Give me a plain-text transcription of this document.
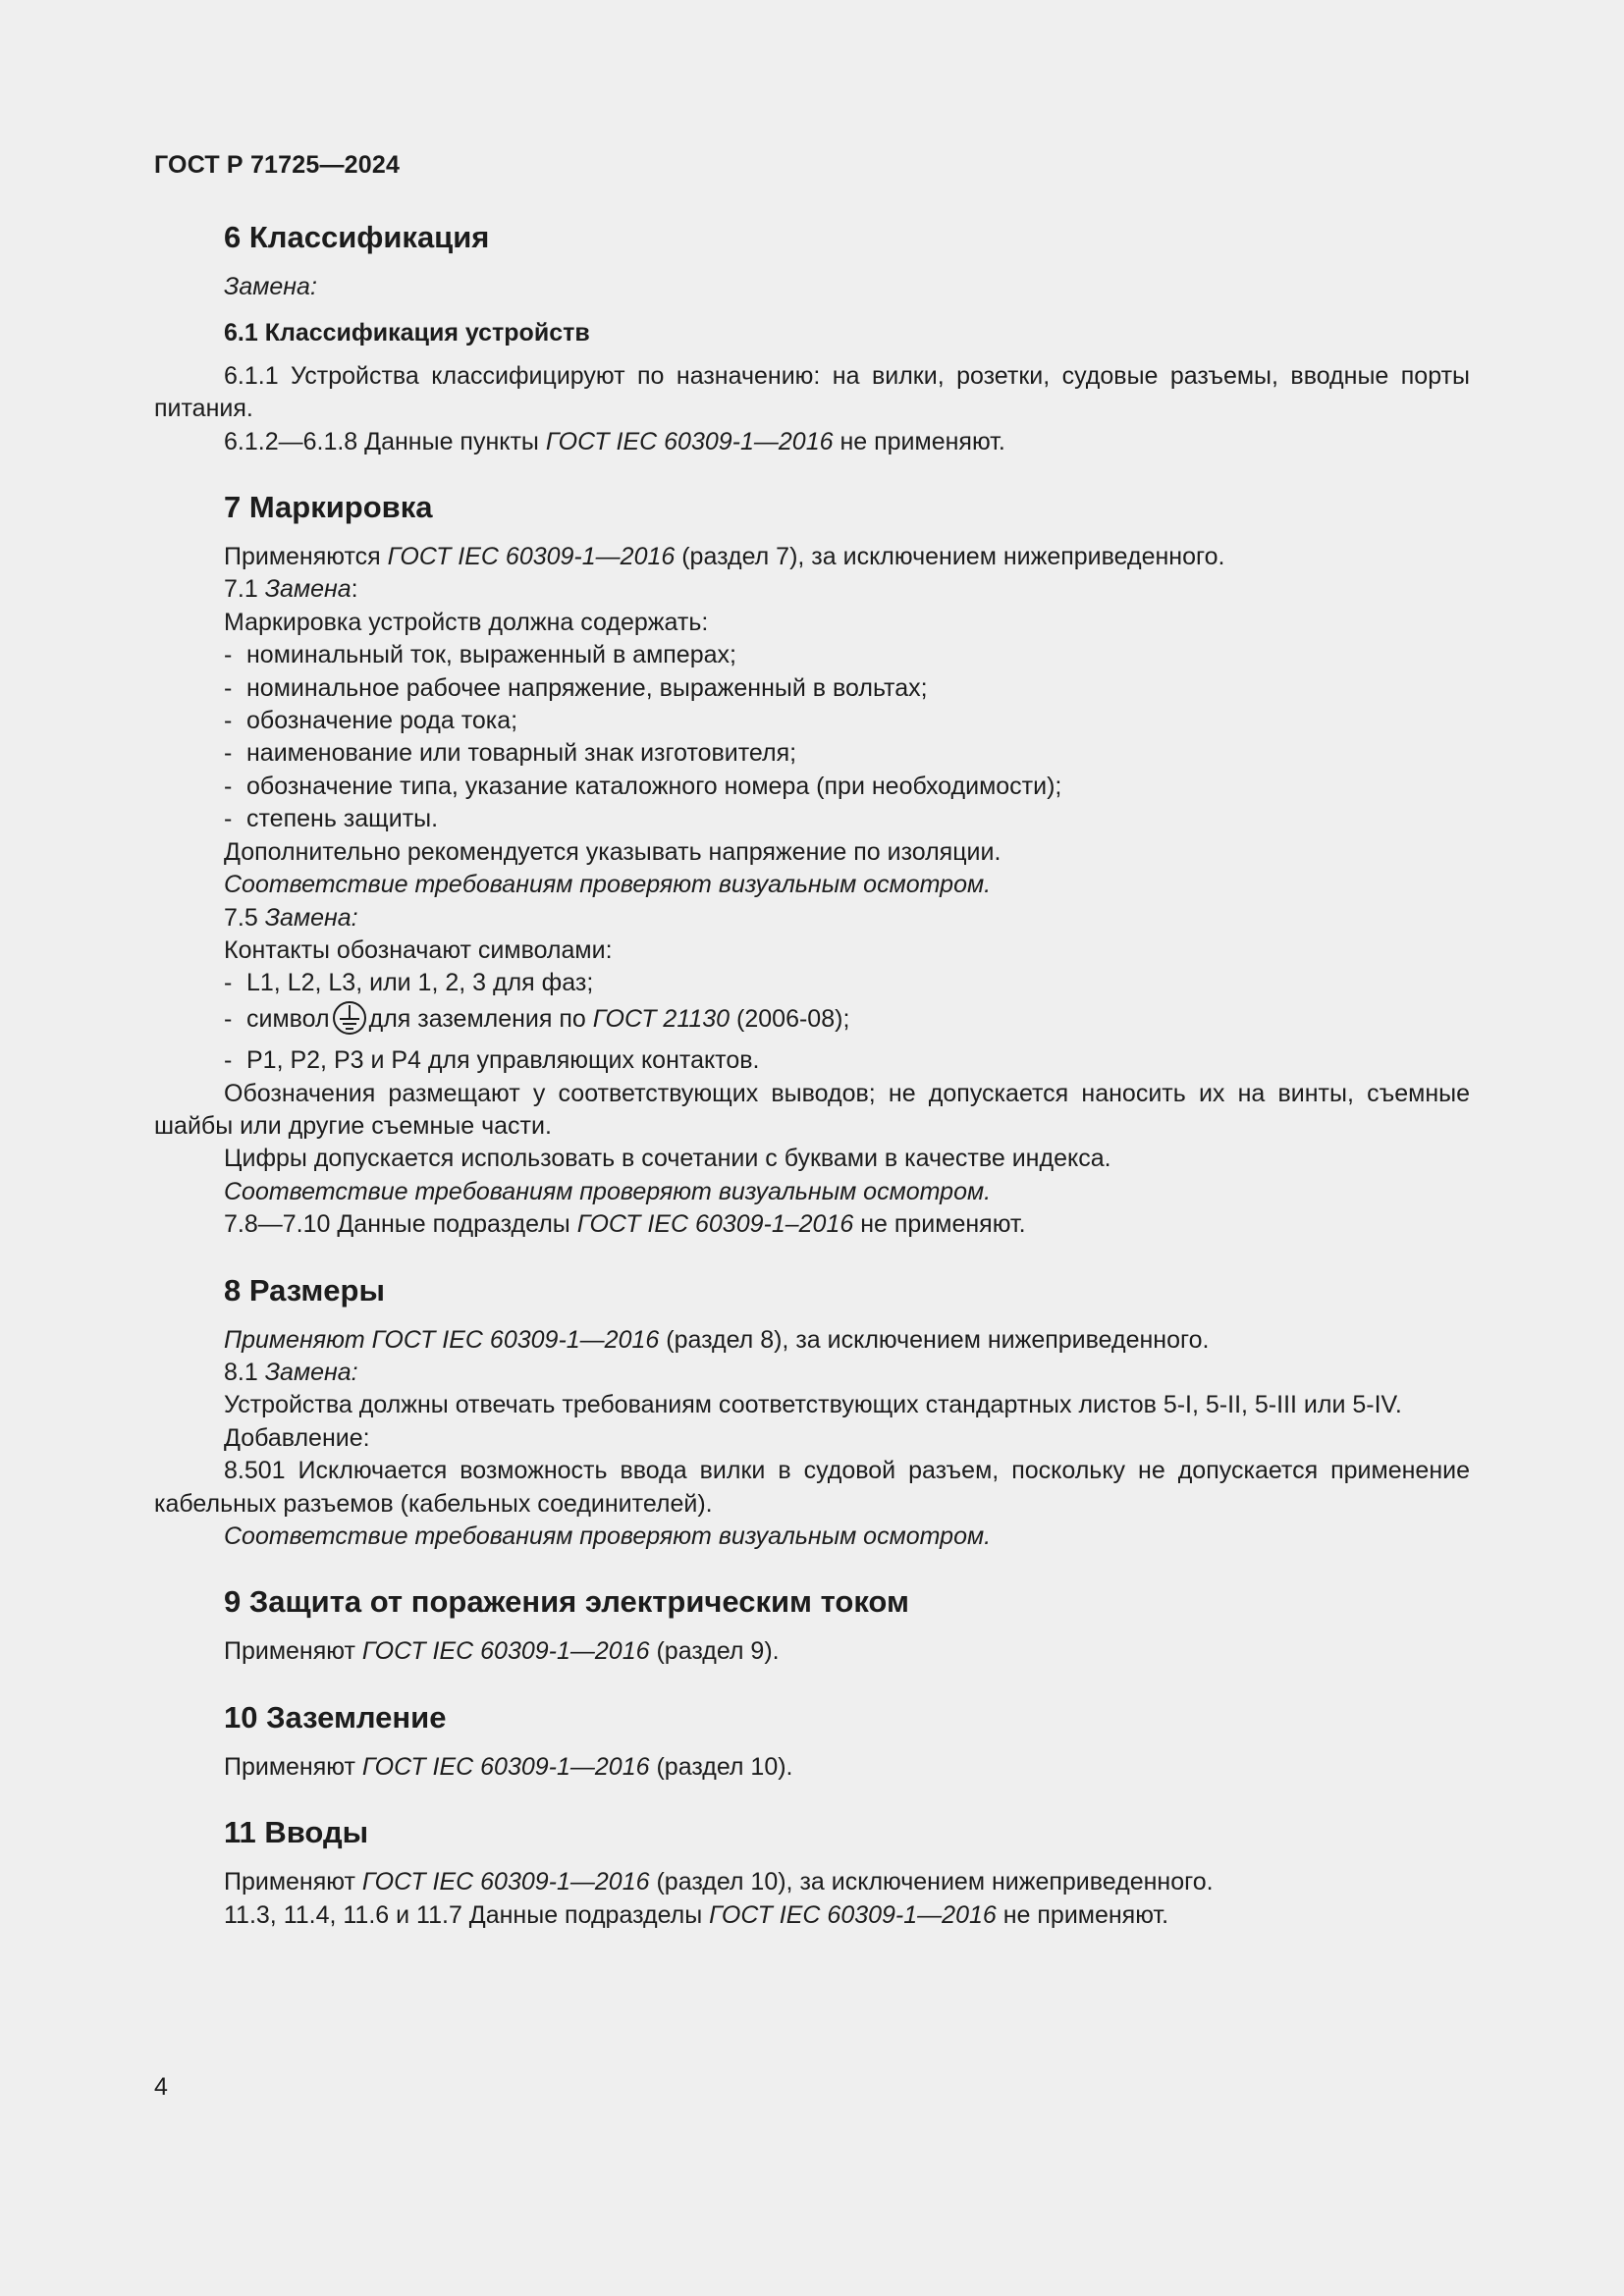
ГОСТ Р 71725—2024
6 Классификация
Замена:
6.1 Классификация устройств

6.1.1 Устройства классифицируют по назначению: на вилки, розетки, судовые разъемы, вводные порты питания.

6.1.2—6.1.8 Данные пункты ГОСТ IEC 60309-1—2016 не применяют.

7 Маркировка

Применяются ГОСТ IEC 60309-1—2016 (раздел 7), за исключением нижеприведенного.

7.1 Замена:

Маркировка устройств должна содержать:

- номинальный ток, выраженный в амперах;
- номинальное рабочее напряжение, выраженный в вольтах;
- обозначение рода тока;
- наименование или товарный знак изготовителя;
- обозначение типа, указание каталожного номера (при необходимости);
- степень защиты.

Дополнительно рекомендуется указывать напряжение по изоляции.

Соответствие требованиям проверяют визуальным осмотром.

7.5 Замена:

Контакты обозначают символами:

- L1, L2, L3, или 1, 2, 3 для фаз;
- символ для заземления по ГОСТ 21130 (2006-08);
- P1, P2, P3 и P4 для управляющих контактов.

Обозначения размещают у соответствующих выводов; не допускается наносить их на винты, съемные шайбы или другие съемные части.

Цифры допускается использовать в сочетании с буквами в качестве индекса.

Соответствие требованиям проверяют визуальным осмотром.

7.8—7.10 Данные подразделы ГОСТ IEC 60309-1–2016 не применяют.

8 Размеры

Применяют ГОСТ IEC 60309-1—2016 (раздел 8), за исключением нижеприведенного.

8.1 Замена:

Устройства должны отвечать требованиям соответствующих стандартных листов 5-I, 5-II, 5-III или 5-IV.

Добавление:

8.501 Исключается возможность ввода вилки в судовой разъем, поскольку не допускается применение кабельных разъемов (кабельных соединителей).

Соответствие требованиям проверяют визуальным осмотром.

9 Защита от поражения электрическим током

Применяют ГОСТ IEC 60309-1—2016 (раздел 9).

10 Заземление

Применяют ГОСТ IEC 60309-1—2016 (раздел 10).

11 Вводы

Применяют ГОСТ IEC 60309-1—2016 (раздел 10), за исключением нижеприведенного.

11.3, 11.4, 11.6 и 11.7 Данные подразделы ГОСТ IEC 60309-1—2016 не применяют.

4
